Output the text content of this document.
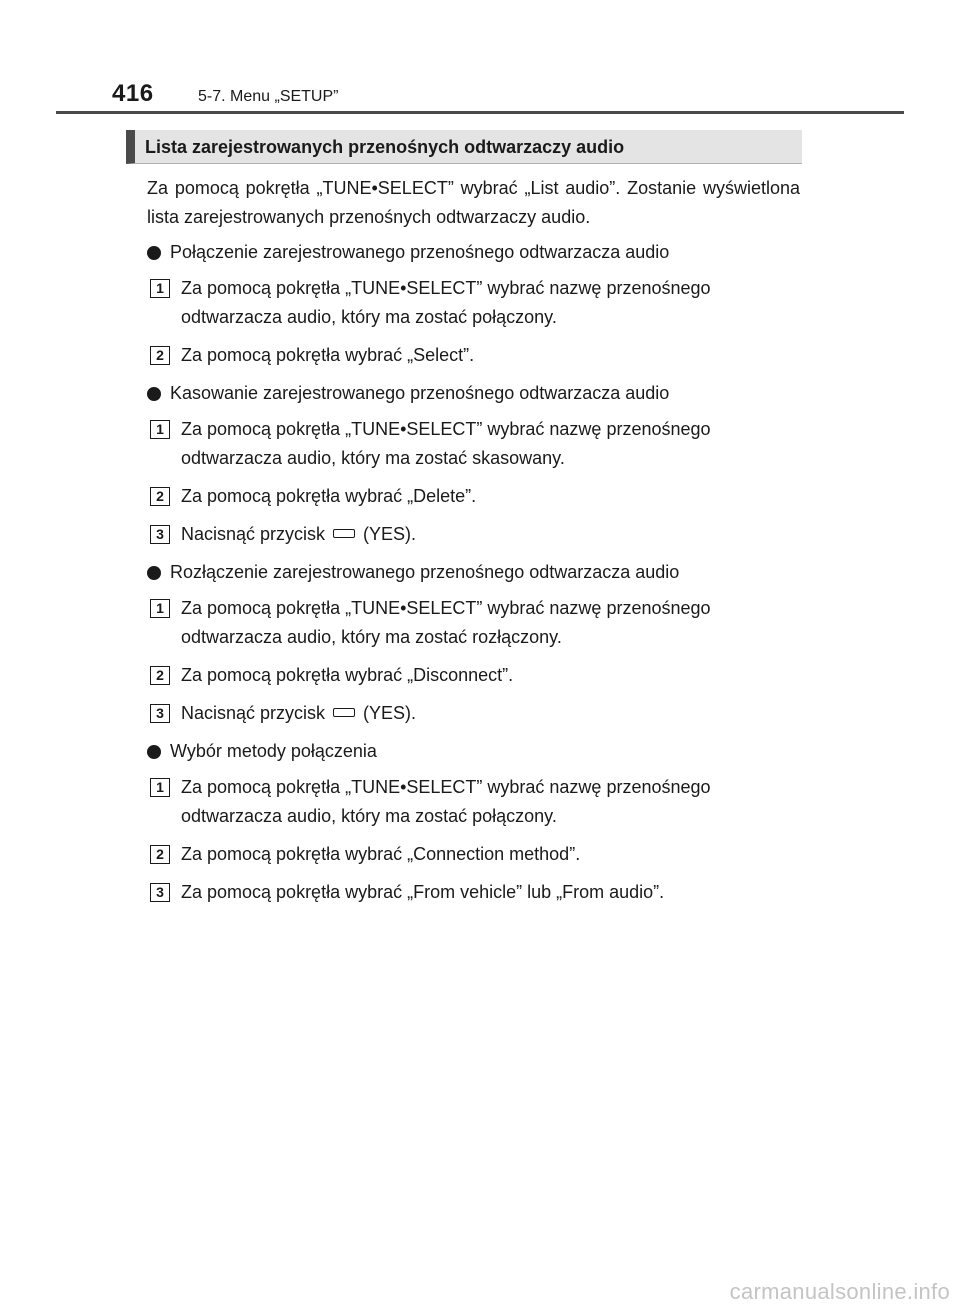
416	5-7. Menu „SETUP”
Lista zarejestrowanych przenośnych odtwarzaczy audio

Za pomocą pokrętła „TUNE•SELECT” wybrać „List audio”. Zostanie wyświetlona lista zarejestrowanych przenośnych odtwarzaczy audio.

Połączenie zarejestrowanego przenośnego odtwarzacza audio
1 Za pomocą pokrętła „TUNE•SELECT” wybrać nazwę przenośnego odtwarzacza audio, który ma zostać połączony.
2 Za pomocą pokrętła wybrać „Select”.
Kasowanie zarejestrowanego przenośnego odtwarzacza audio
1 Za pomocą pokrętła „TUNE•SELECT” wybrać nazwę przenośnego odtwarzacza audio, który ma zostać skasowany.
2 Za pomocą pokrętła wybrać „Delete”.
3 Nacisnąć przycisk (YES).
Rozłączenie zarejestrowanego przenośnego odtwarzacza audio
1 Za pomocą pokrętła „TUNE•SELECT” wybrać nazwę przenośnego odtwarzacza audio, który ma zostać rozłączony.
2 Za pomocą pokrętła wybrać „Disconnect”.
3 Nacisnąć przycisk (YES).
Wybór metody połączenia
1 Za pomocą pokrętła „TUNE•SELECT” wybrać nazwę przenośnego odtwarzacza audio, który ma zostać połączony.
2 Za pomocą pokrętła wybrać „Connection method”.
3 Za pomocą pokrętła wybrać „From vehicle” lub „From audio”.
carmanualsonline.info
